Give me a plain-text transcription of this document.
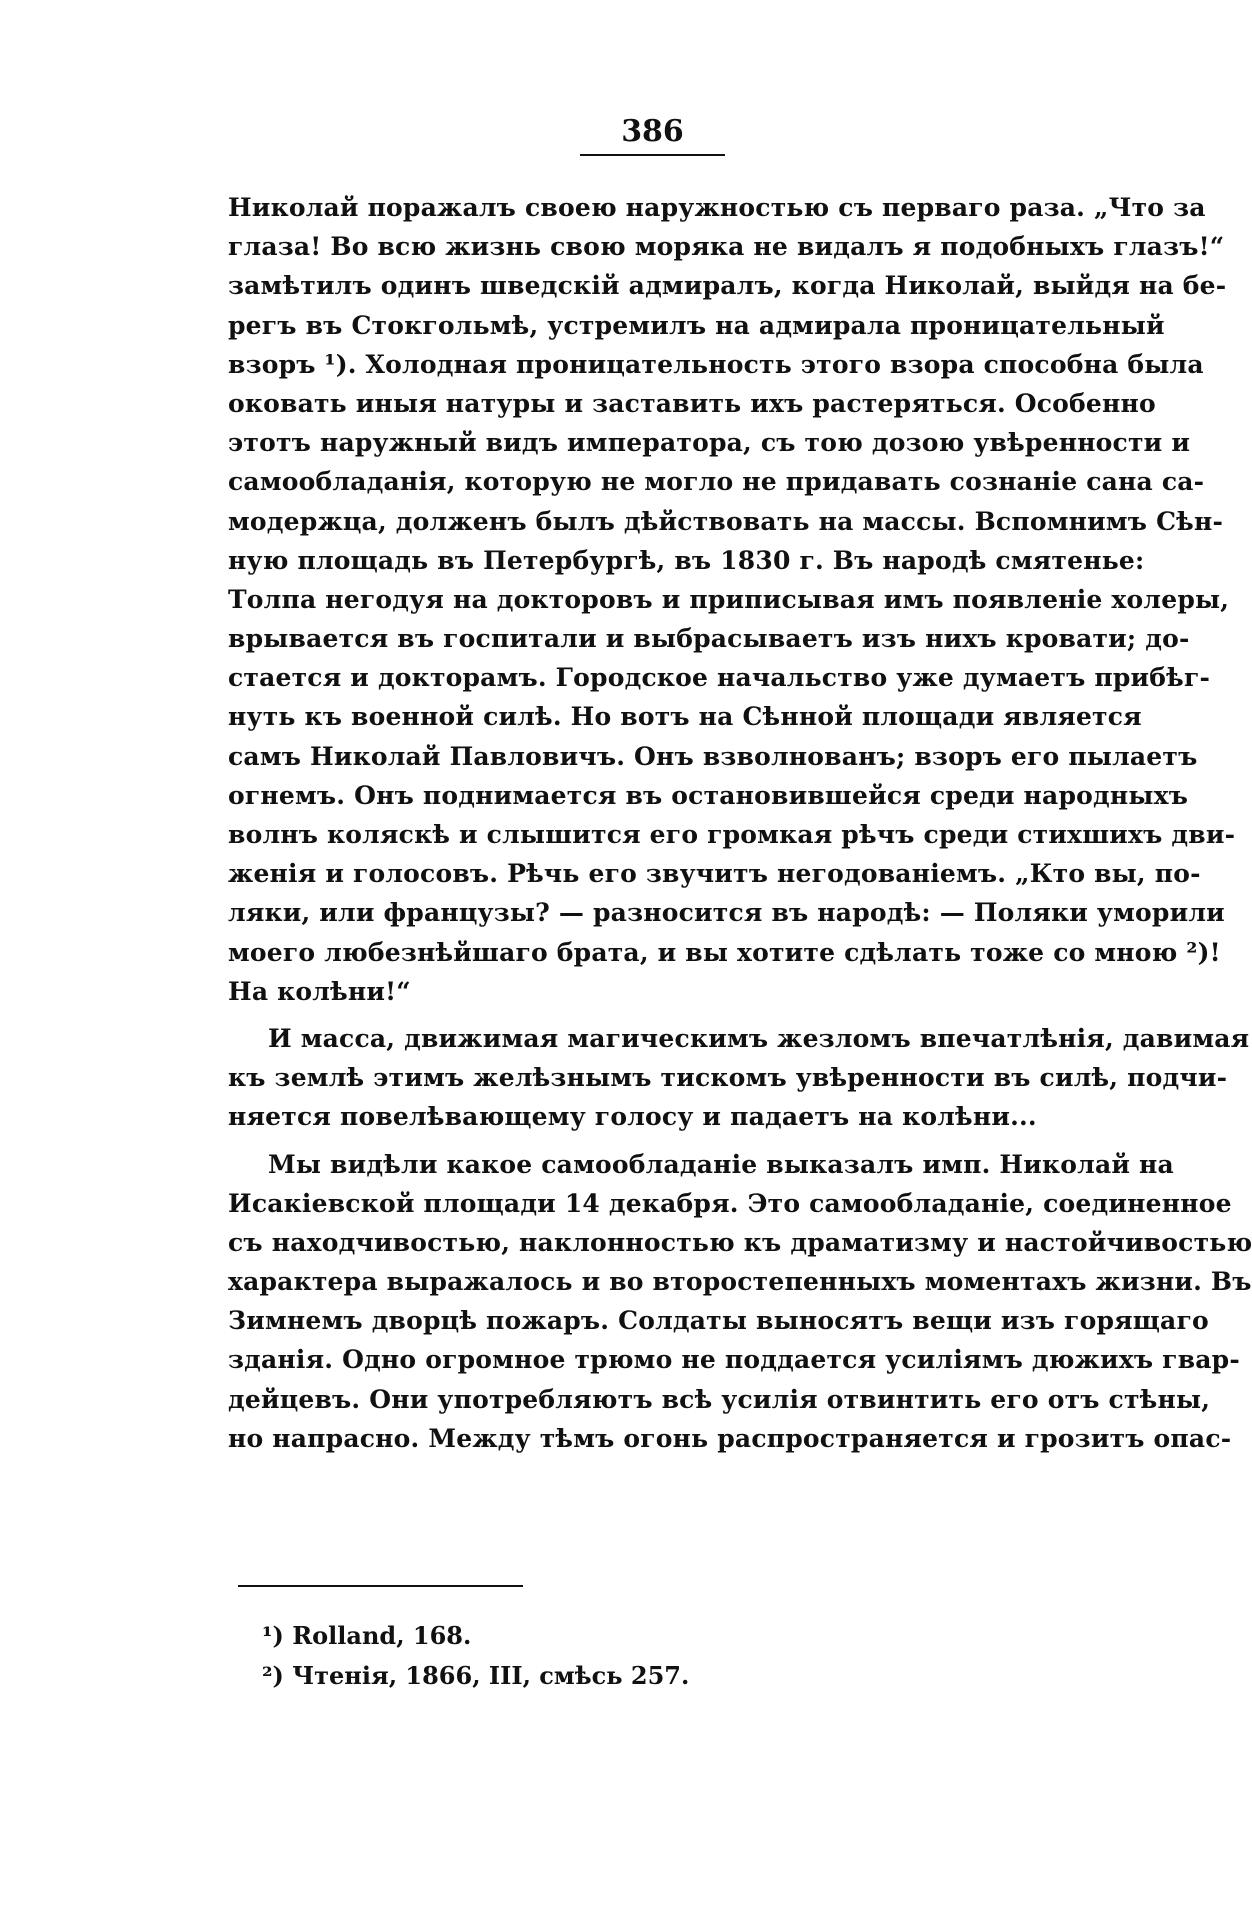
386
Николай поражалъ своею наружностью съ перваго раза. „Что за
глаза! Во всю жизнь свою моряка не видалъ я подобныхъ глазъ!“
замѣтилъ одинъ шведскій адмиралъ, когда Николай, выйдя на бе-
регъ въ Стокгольмѣ, устремилъ на адмирала проницательный
взоръ ¹). Холодная проницательность этого взора способна была
оковать иныя натуры и заставить ихъ растеряться. Особенно
этотъ наружный видъ императора, съ тою дозою увѣренности и
самообладанія, которую не могло не придавать сознаніе сана са-
модержца, долженъ былъ дѣйствовать на массы. Вспомнимъ Сѣн-
ную площадь въ Петербургѣ, въ 1830 г. Въ народѣ смятенье:
Толпа негодуя на докторовъ и приписывая имъ появленіе холеры,
врывается въ госпитали и выбрасываетъ изъ нихъ кровати; до-
стается и докторамъ. Городское начальство уже думаетъ прибѣг-
нуть къ военной силѣ. Но вотъ на Сѣнной площади является
самъ Николай Павловичъ. Онъ взволнованъ; взоръ его пылаетъ
огнемъ. Онъ поднимается въ остановившейся среди народныхъ
волнъ коляскѣ и слышится его громкая рѣчъ среди стихшихъ дви-
женія и голосовъ. Рѣчь его звучитъ негодованіемъ. „Кто вы, по-
ляки, или французы? — разносится въ народѣ: — Поляки уморили
моего любезнѣйшаго брата, и вы хотите сдѣлать тоже со мною ²)!
На колѣни!“
И масса, движимая магическимъ жезломъ впечатлѣнія, давимая
къ землѣ этимъ желѣзнымъ тискомъ увѣренности въ силѣ, подчи-
няется повелѣвающему голосу и падаетъ на колѣни...
Мы видѣли какое самообладаніе выказалъ имп. Николай на
Исакіевской площади 14 декабря. Это самообладаніе, соединенное
съ находчивостью, наклонностью къ драматизму и настойчивостью
характера выражалось и во второстепенныхъ моментахъ жизни. Въ
Зимнемъ дворцѣ пожаръ. Солдаты выносятъ вещи изъ горящаго
зданія. Одно огромное трюмо не поддается усиліямъ дюжихъ гвар-
дейцевъ. Они употребляютъ всѣ усилія отвинтить его отъ стѣны,
но напрасно. Между тѣмъ огонь распространяется и грозитъ опас-
¹) Rolland, 168.
²) Чтенія, 1866, III, смѣсь 257.
